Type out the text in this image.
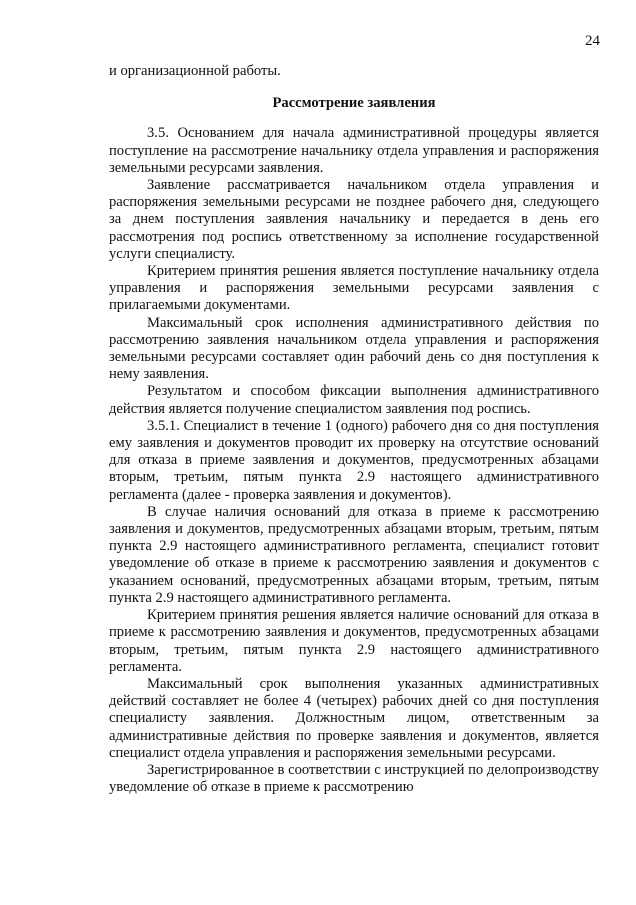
24

и организационной работы.

Рассмотрение заявления

3.5. Основанием для начала административной процедуры является поступление на рассмотрение начальнику отдела управления и распоряжения земельными ресурсами заявления.

Заявление рассматривается начальником отдела управления и распоряжения земельными ресурсами не позднее рабочего дня, следующего за днем поступления заявления начальнику и передается в день его рассмотрения под роспись ответственному за исполнение государственной услуги специалисту.

Критерием принятия решения является поступление начальнику отдела управления и распоряжения земельными ресурсами заявления с прилагаемыми документами.

Максимальный срок исполнения административного действия по рассмотрению заявления начальником отдела управления и распоряжения земельными ресурсами составляет один рабочий день со дня поступления к нему заявления.

Результатом и способом фиксации выполнения административного действия является получение специалистом заявления под роспись.

3.5.1. Специалист в течение 1 (одного) рабочего дня со дня поступления ему заявления и документов проводит их проверку на отсутствие оснований для отказа в приеме заявления и документов, предусмотренных абзацами вторым, третьим, пятым пункта 2.9 настоящего административного регламента (далее - проверка заявления и документов).

В случае наличия оснований для отказа в приеме к рассмотрению заявления и документов, предусмотренных абзацами вторым, третьим, пятым пункта 2.9 настоящего административного регламента, специалист готовит уведомление об отказе в приеме к рассмотрению заявления и документов с указанием оснований, предусмотренных абзацами вторым, третьим, пятым пункта 2.9 настоящего административного регламента.

Критерием принятия решения является наличие оснований для отказа в приеме к рассмотрению заявления и документов, предусмотренных абзацами вторым, третьим, пятым пункта 2.9 настоящего административного регламента.

Максимальный срок выполнения указанных административных действий составляет не более 4 (четырех) рабочих дней со дня поступления специалисту заявления. Должностным лицом, ответственным за административные действия по проверке заявления и документов, является специалист отдела управления и распоряжения земельными ресурсами.

Зарегистрированное в соответствии с инструкцией по делопроизводству уведомление об отказе в приеме к рассмотрению
